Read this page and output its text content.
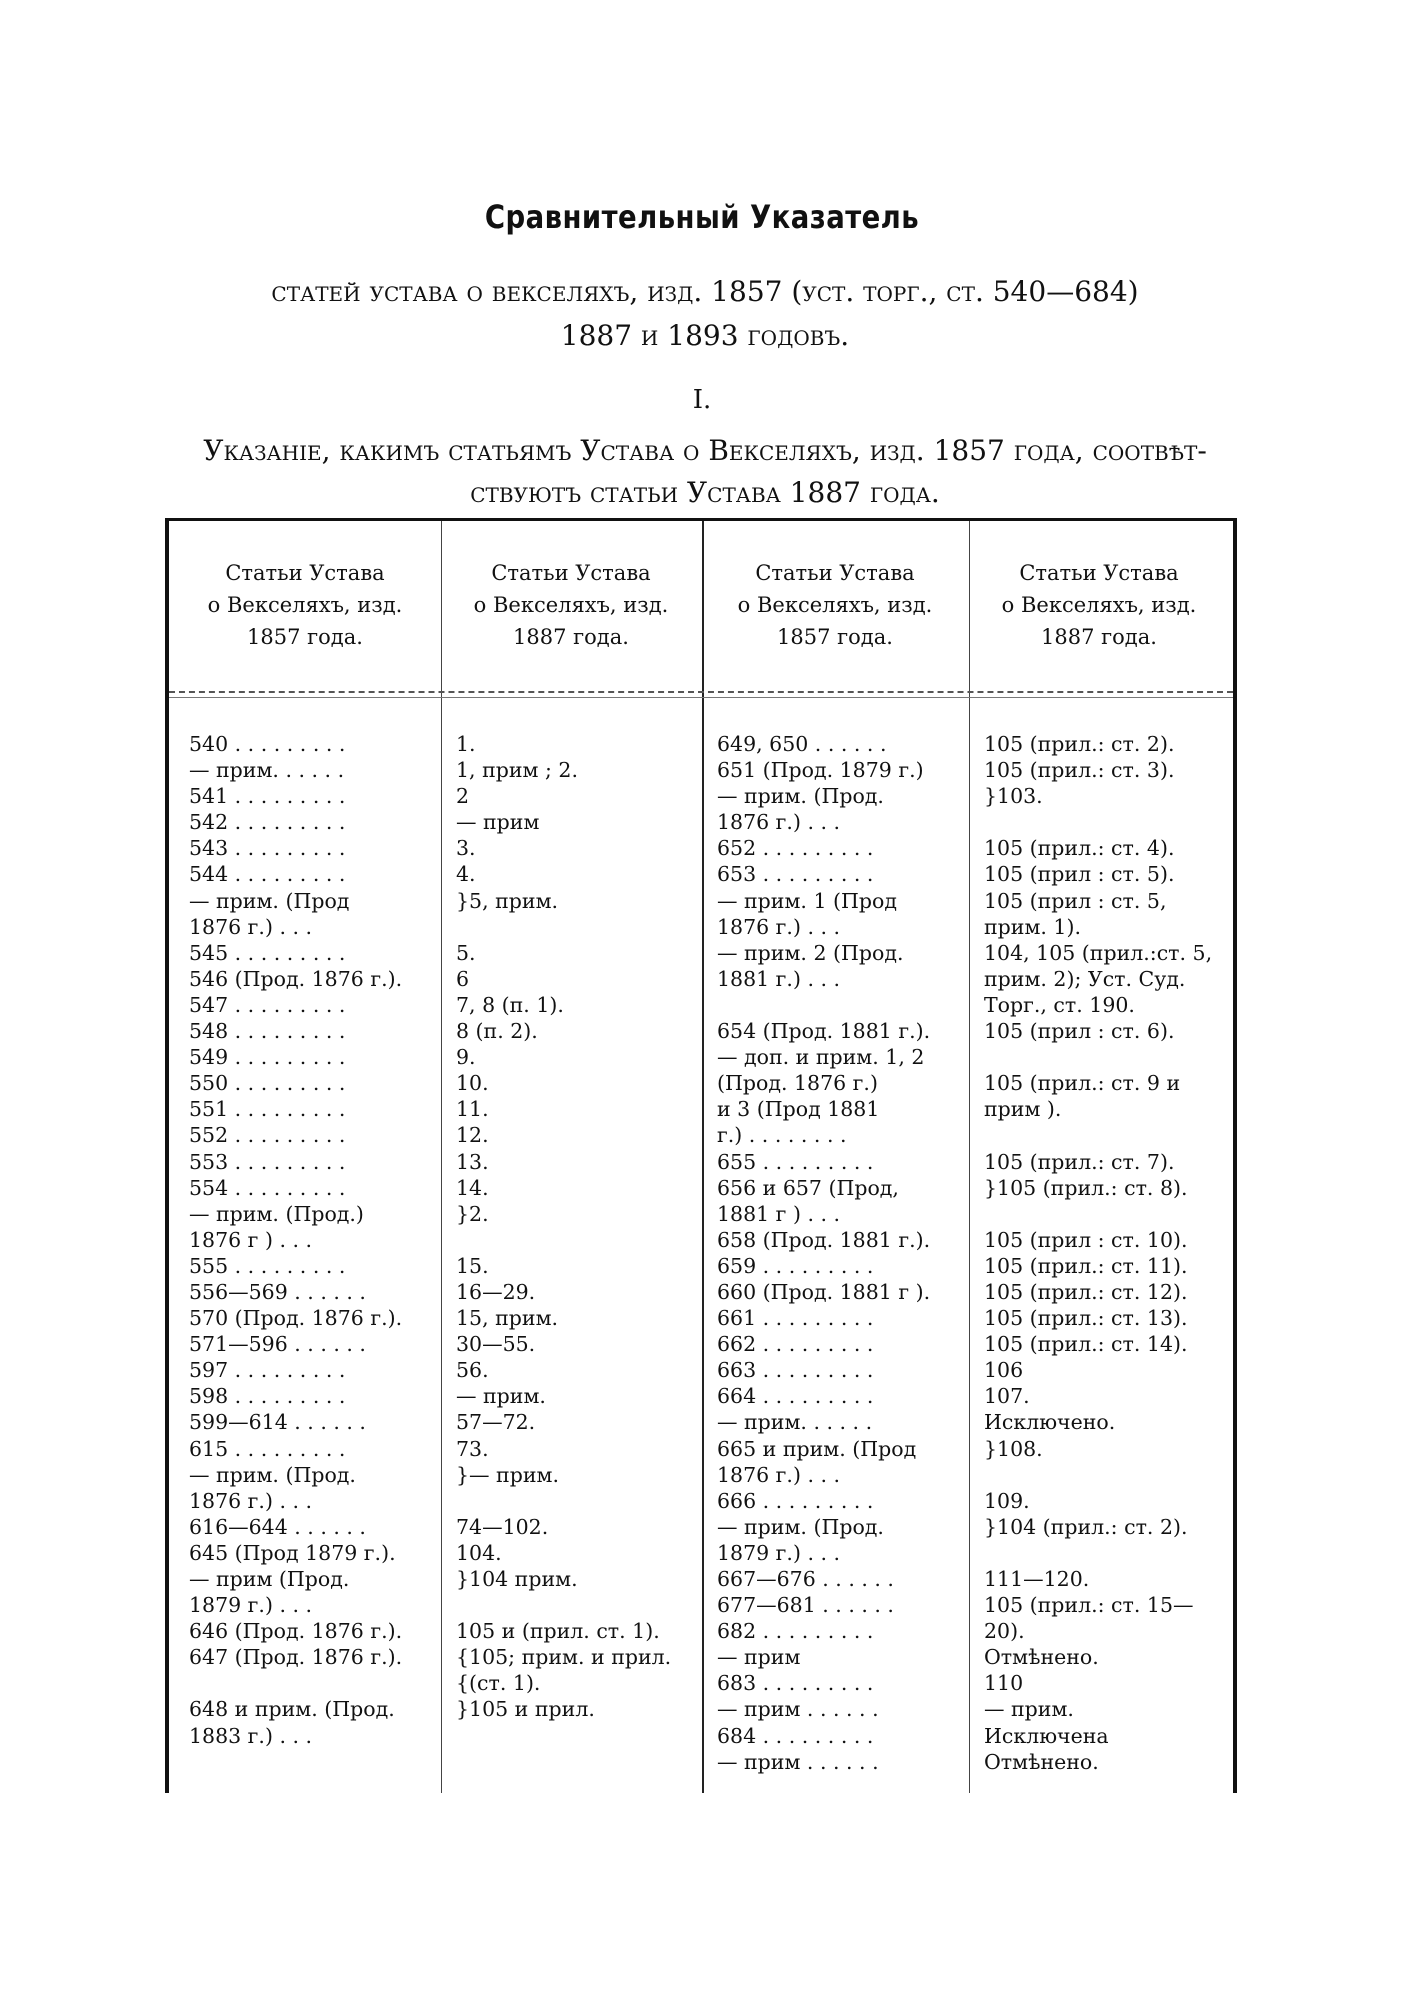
Сравнительный Указатель
статей устава о векселяхъ, изд. 1857 (уст. торг., ст. 540—684)
1887 и 1893 годовъ.
I.
Указаніе, какимъ статьямъ Устава о Векселяхъ, изд. 1857 года, соотвѣт-
ствуютъ статьи Устава 1887 года.
Статьи Устава
о Векселяхъ, изд.
1857 года.
Статьи Устава
о Векселяхъ, изд.
1887 года.
Статьи Устава
о Векселяхъ, изд.
1857 года.
Статьи Устава
о Векселяхъ, изд.
1887 года.
540 . . . . . . . . .
— прим. . . . . .
541 . . . . . . . . .
542 . . . . . . . . .
543 . . . . . . . . .
544 . . . . . . . . .
— прим. (Прод
1876 г.) . . .
545 . . . . . . . . .
546 (Прод. 1876 г.).
547 . . . . . . . . .
548 . . . . . . . . .
549 . . . . . . . . .
550 . . . . . . . . .
551 . . . . . . . . .
552 . . . . . . . . .
553 . . . . . . . . .
554 . . . . . . . . .
— прим. (Прод.)
1876 г ) . . .
555 . . . . . . . . .
556—569 . . . . . .
570 (Прод. 1876 г.).
571—596 . . . . . .
597 . . . . . . . . .
598 . . . . . . . . .
599—614 . . . . . .
615 . . . . . . . . .
— прим. (Прод.
1876 г.) . . .
616—644 . . . . . .
645 (Прод 1879 г.).
— прим (Прод.
1879 г.) . . .
646 (Прод. 1876 г.).
647 (Прод. 1876 г.).
648 и прим. (Прод.
1883 г.) . . .
1.
1, прим ; 2.
2
— прим
3.
4.
}5, прим.
5.
6
7, 8 (п. 1).
8 (п. 2).
9.
10.
11.
12.
13.
14.
}2.
15.
16—29.
15, прим.
30—55.
56.
— прим.
57—72.
73.
}— прим.
74—102.
104.
}104 прим.
105 и (прил. ст. 1).
{105; прим. и прил.
{(ст. 1).
}105 и прил.
649, 650 . . . . . .
651 (Прод. 1879 г.)
— прим. (Прод.
1876 г.) . . .
652 . . . . . . . . .
653 . . . . . . . . .
— прим. 1 (Прод
1876 г.) . . .
— прим. 2 (Прод.
1881 г.) . . .
654 (Прод. 1881 г.).
— доп. и прим. 1, 2
(Прод. 1876 г.)
и 3 (Прод 1881
г.) . . . . . . . .
655 . . . . . . . . .
656 и 657 (Прод,
1881 г ) . . .
658 (Прод. 1881 г.).
659 . . . . . . . . .
660 (Прод. 1881 г ).
661 . . . . . . . . .
662 . . . . . . . . .
663 . . . . . . . . .
664 . . . . . . . . .
— прим. . . . . .
665 и прим. (Прод
1876 г.) . . .
666 . . . . . . . . .
— прим. (Прод.
1879 г.) . . .
667—676 . . . . . .
677—681 . . . . . .
682 . . . . . . . . .
— прим
683 . . . . . . . . .
— прим . . . . . .
684 . . . . . . . . .
— прим . . . . . .
105 (прил.: ст. 2).
105 (прил.: ст. 3).
}103.
105 (прил.: ст. 4).
105 (прил : ст. 5).
105 (прил : ст. 5,
прим. 1).
104, 105 (прил.:ст. 5,
прим. 2); Уст. Суд.
Торг., ст. 190.
105 (прил : ст. 6).
105 (прил.: ст. 9 и
прим ).
105 (прил.: ст. 7).
}105 (прил.: ст. 8).
105 (прил : ст. 10).
105 (прил.: ст. 11).
105 (прил.: ст. 12).
105 (прил.: ст. 13).
105 (прил.: ст. 14).
106
107.
Исключено.
}108.
109.
}104 (прил.: ст. 2).
111—120.
105 (прил.: ст. 15—
20).
Отмѣнено.
110
— прим.
Исключена
Отмѣнено.
